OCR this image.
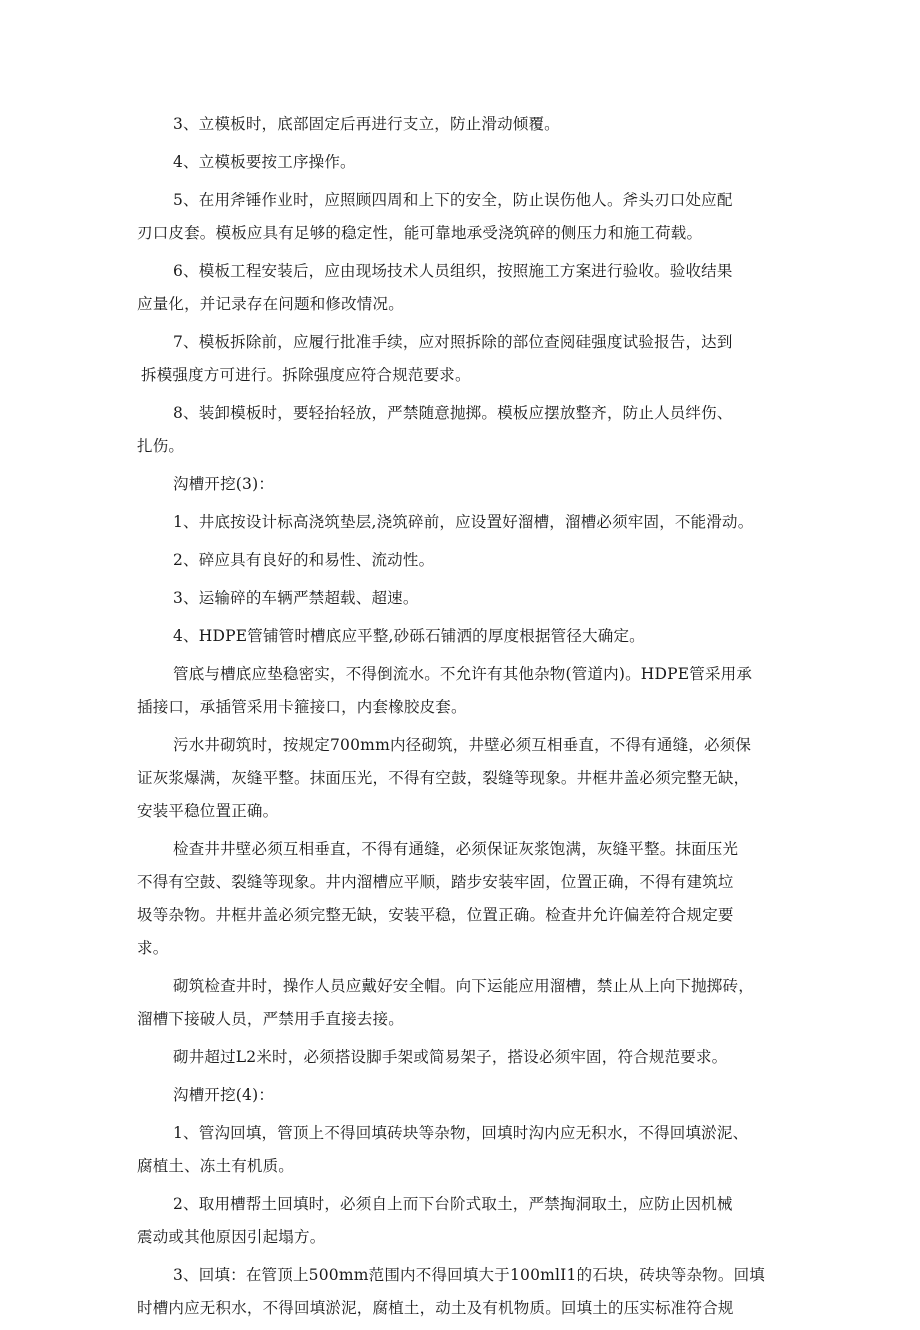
3、立模板时，底部固定后再进行支立，防止滑动倾覆。

4、立模板要按工序操作。

5、在用斧锤作业时，应照顾四周和上下的安全，防止误伤他人。斧头刃口处应配
刃口皮套。模板应具有足够的稳定性，能可靠地承受浇筑碎的侧压力和施工荷载。

6、模板工程安装后，应由现场技术人员组织，按照施工方案进行验收。验收结果
应量化，并记录存在问题和修改情况。

7、模板拆除前，应履行批准手续，应对照拆除的部位查阅硅强度试验报告，达到
拆模强度方可进行。拆除强度应符合规范要求。

8、装卸模板时，要轻抬轻放，严禁随意抛掷。模板应摆放整齐，防止人员绊伤、
扎伤。

沟槽开挖(3)：

1、井底按设计标高浇筑垫层,浇筑碎前，应设置好溜槽，溜槽必须牢固，不能滑动。

2、碎应具有良好的和易性、流动性。

3、运输碎的车辆严禁超载、超速。

4、HDPE管铺管时槽底应平整,砂砾石铺洒的厚度根据管径大确定。

管底与槽底应垫稳密实，不得倒流水。不允许有其他杂物(管道内)。HDPE管采用承
插接口，承插管采用卡箍接口，内套橡胶皮套。

污水井砌筑时，按规定700mm内径砌筑，井壁必须互相垂直，不得有通缝，必须保
证灰浆爆满，灰缝平整。抹面压光，不得有空鼓，裂缝等现象。井框井盖必须完整无缺，
安装平稳位置正确。

检查井井壁必须互相垂直，不得有通缝，必须保证灰浆饱满，灰缝平整。抹面压光
不得有空鼓、裂缝等现象。井内溜槽应平顺，踏步安装牢固，位置正确，不得有建筑垃
圾等杂物。井框井盖必须完整无缺，安装平稳，位置正确。检查井允许偏差符合规定要
求。

砌筑检查井时，操作人员应戴好安全帽。向下运能应用溜槽，禁止从上向下抛掷砖，
溜槽下接破人员，严禁用手直接去接。

砌井超过L2米时，必须搭设脚手架或简易架子，搭设必须牢固，符合规范要求。

沟槽开挖(4)：

1、管沟回填，管顶上不得回填砖块等杂物，回填时沟内应无积水，不得回填淤泥、
腐植土、冻土有机质。

2、取用槽帮土回填时，必须自上而下台阶式取土，严禁掏洞取土，应防止因机械
震动或其他原因引起塌方。

3、回填：在管顶上500mm范围内不得回填大于100mlI1的石块，砖块等杂物。回填
时槽内应无积水，不得回填淤泥，腐植土，动土及有机物质。回填土的压实标准符合规
